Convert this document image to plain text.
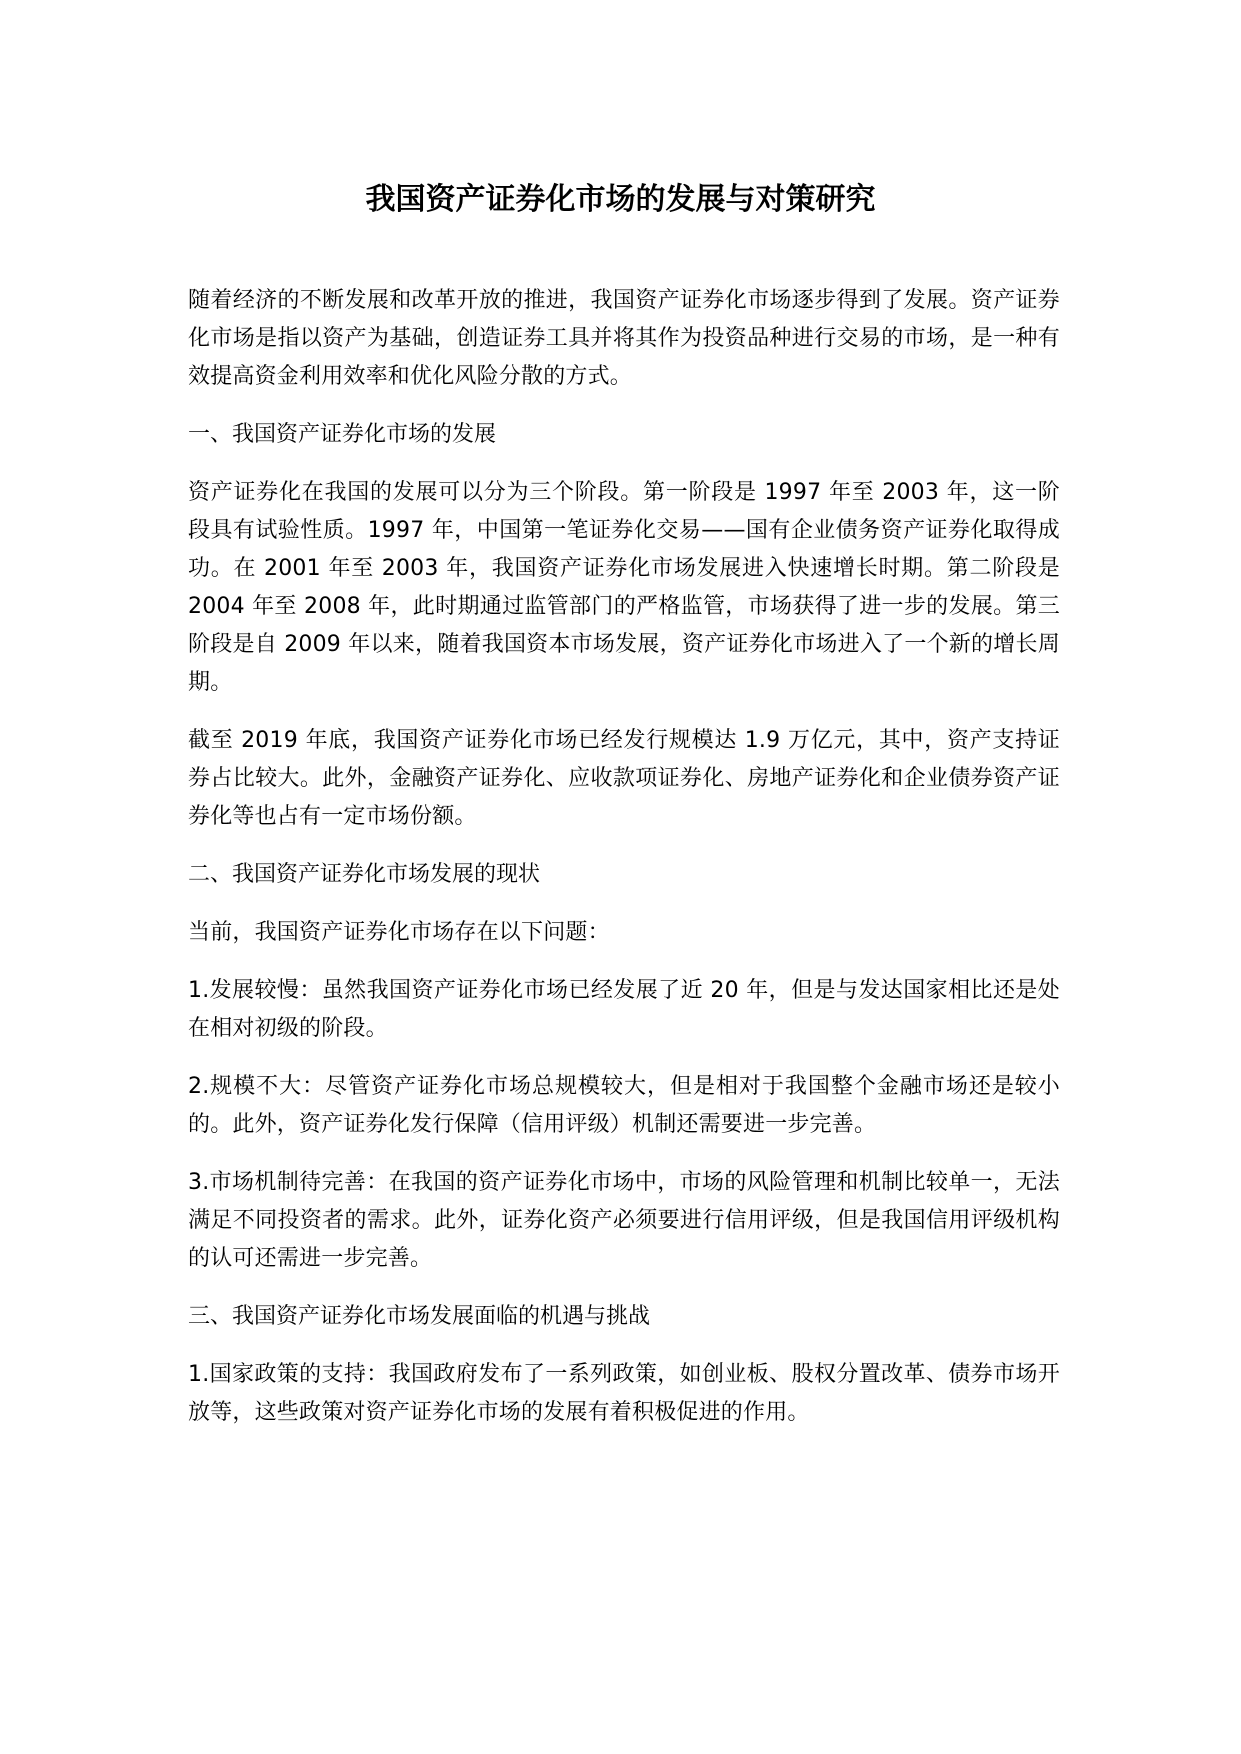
我国资产证券化市场的发展与对策研究

随着经济的不断发展和改革开放的推进，我国资产证券化市场逐步得到了发展。资产证券化市场是指以资产为基础，创造证券工具并将其作为投资品种进行交易的市场，是一种有效提高资金利用效率和优化风险分散的方式。

一、我国资产证券化市场的发展

资产证券化在我国的发展可以分为三个阶段。第一阶段是 1997 年至 2003 年，这一阶段具有试验性质。1997 年，中国第一笔证券化交易——国有企业债务资产证券化取得成功。在 2001 年至 2003 年，我国资产证券化市场发展进入快速增长时期。第二阶段是 2004 年至 2008 年，此时期通过监管部门的严格监管，市场获得了进一步的发展。第三阶段是自 2009 年以来，随着我国资本市场发展，资产证券化市场进入了一个新的增长周期。

截至 2019 年底，我国资产证券化市场已经发行规模达 1.9 万亿元，其中，资产支持证券占比较大。此外，金融资产证券化、应收款项证券化、房地产证券化和企业债券资产证券化等也占有一定市场份额。

二、我国资产证券化市场发展的现状

当前，我国资产证券化市场存在以下问题：

1.发展较慢：虽然我国资产证券化市场已经发展了近 20 年，但是与发达国家相比还是处在相对初级的阶段。

2.规模不大：尽管资产证券化市场总规模较大，但是相对于我国整个金融市场还是较小的。此外，资产证券化发行保障（信用评级）机制还需要进一步完善。

3.市场机制待完善：在我国的资产证券化市场中，市场的风险管理和机制比较单一，无法满足不同投资者的需求。此外，证券化资产必须要进行信用评级，但是我国信用评级机构的认可还需进一步完善。

三、我国资产证券化市场发展面临的机遇与挑战

1.国家政策的支持：我国政府发布了一系列政策，如创业板、股权分置改革、债券市场开放等，这些政策对资产证券化市场的发展有着积极促进的作用。
